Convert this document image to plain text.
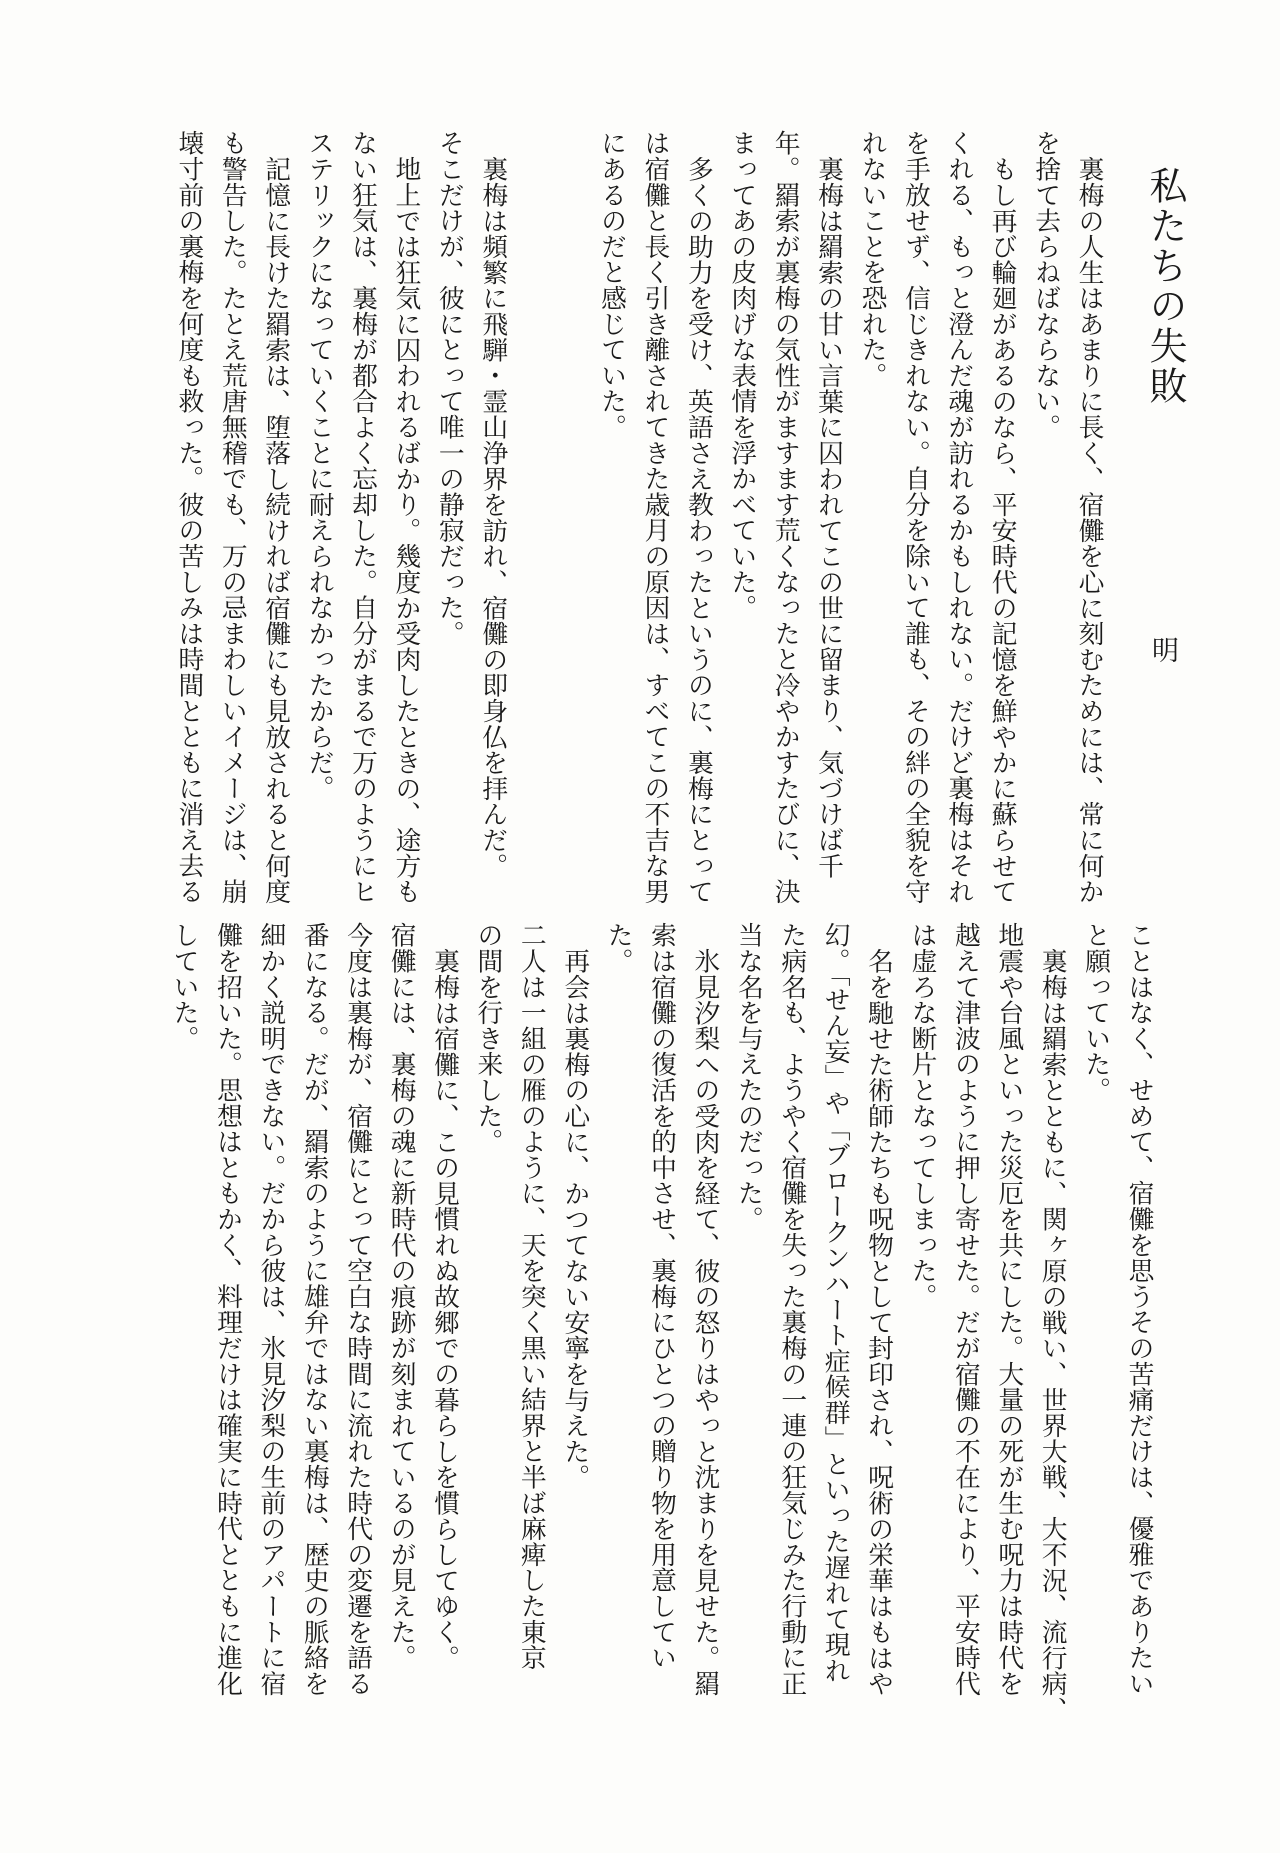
私たちの失敗
明
裏梅の人生はあまりに長く、宿儺を心に刻むためには、常に何か
を捨て去らねばならない。
もし再び輪廻があるのなら、平安時代の記憶を鮮やかに蘇らせて
くれる、もっと澄んだ魂が訪れるかもしれない。だけど裏梅はそれ
を手放せず、信じきれない。自分を除いて誰も、その絆の全貌を守
れないことを恐れた。
裏梅は羂索の甘い言葉に囚われてこの世に留まり、気づけば千
年。羂索が裏梅の気性がますます荒くなったと冷やかすたびに、決
まってあの皮肉げな表情を浮かべていた。
多くの助力を受け、英語さえ教わったというのに、裏梅にとって
は宿儺と長く引き離されてきた歳月の原因は、すべてこの不吉な男
にあるのだと感じていた。

裏梅は頻繁に飛騨・霊山浄界を訪れ、宿儺の即身仏を拝んだ。
そこだけが、彼にとって唯一の静寂だった。
地上では狂気に囚われるばかり。幾度か受肉したときの、途方も
ない狂気は、裏梅が都合よく忘却した。自分がまるで万のようにヒ
ステリックになっていくことに耐えられなかったからだ。
記憶に長けた羂索は、堕落し続ければ宿儺にも見放されると何度
も警告した。たとえ荒唐無稽でも、万の忌まわしいイメージは、崩
壊寸前の裏梅を何度も救った。彼の苦しみは時間とともに消え去る
ことはなく、せめて、宿儺を思うその苦痛だけは、優雅でありたい
と願っていた。
裏梅は羂索とともに、関ヶ原の戦い、世界大戦、大不況、流行病、
地震や台風といった災厄を共にした。大量の死が生む呪力は時代を
越えて津波のように押し寄せた。だが宿儺の不在により、平安時代
は虚ろな断片となってしまった。
名を馳せた術師たちも呪物として封印され、呪術の栄華はもはや
幻。「せん妄」や「ブロークンハート症候群」といった遅れて現れ
た病名も、ようやく宿儺を失った裏梅の一連の狂気じみた行動に正
当な名を与えたのだった。
氷見汐梨への受肉を経て、彼の怒りはやっと沈まりを見せた。羂
索は宿儺の復活を的中させ、裏梅にひとつの贈り物を用意してい
た。
再会は裏梅の心に、かつてない安寧を与えた。
二人は一組の雁のように、天を突く黒い結界と半ば麻痺した東京
の間を行き来した。
裏梅は宿儺に、この見慣れぬ故郷での暮らしを慣らしてゆく。
宿儺には、裏梅の魂に新時代の痕跡が刻まれているのが見えた。
今度は裏梅が、宿儺にとって空白な時間に流れた時代の変遷を語る
番になる。だが、羂索のように雄弁ではない裏梅は、歴史の脈絡を
細かく説明できない。だから彼は、氷見汐梨の生前のアパートに宿
儺を招いた。思想はともかく、料理だけは確実に時代とともに進化
していた。
